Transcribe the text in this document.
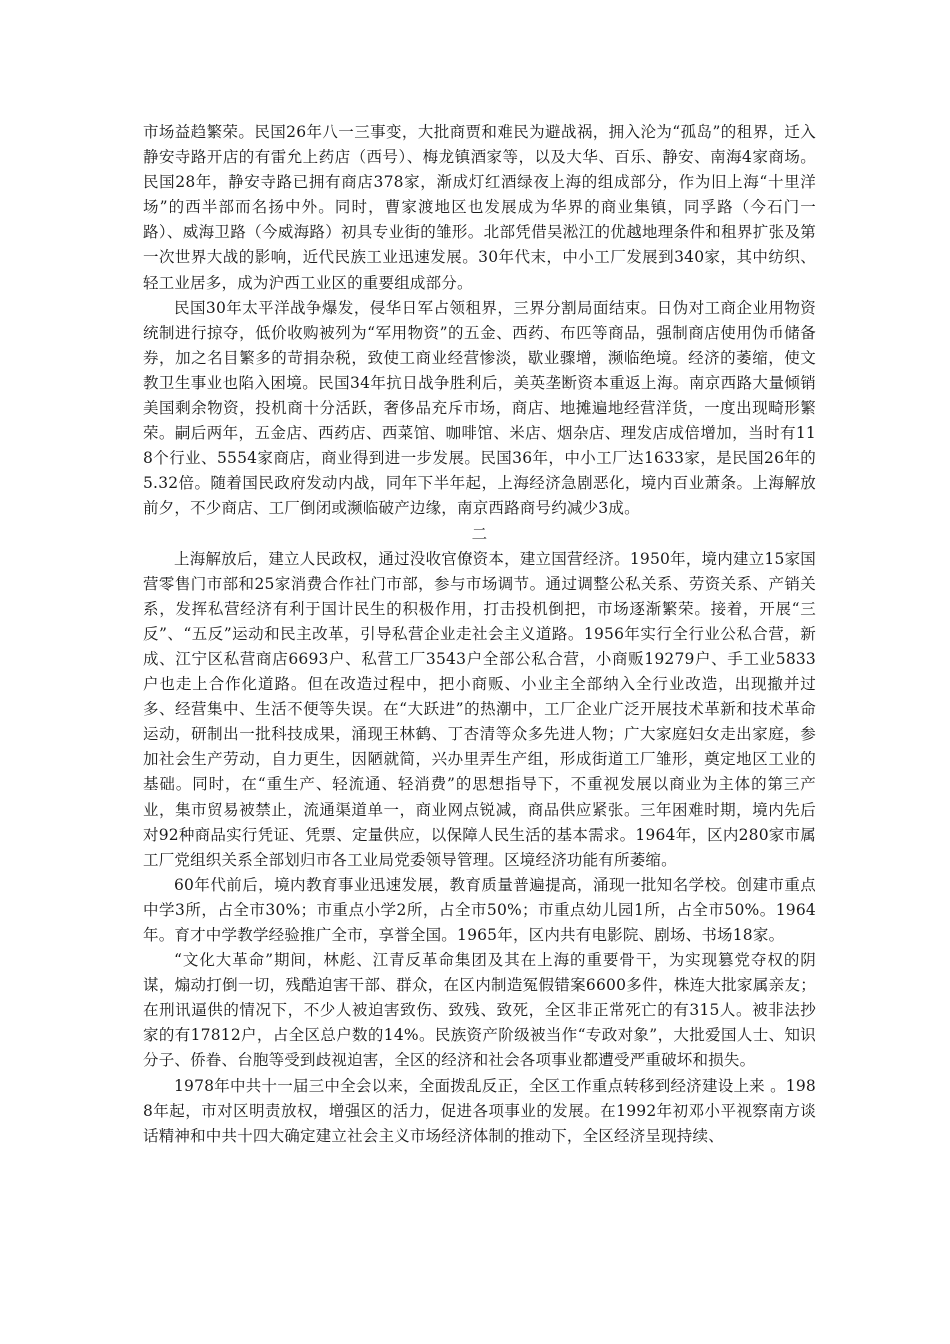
市场益趋繁荣。民国26年八一三事变，大批商贾和难民为避战祸，拥入沦为“孤岛”的租界，迁入静安寺路开店的有雷允上药店（西号）、梅龙镇酒家等，以及大华、百乐、静安、南海4家商场。民国28年，静安寺路已拥有商店378家，渐成灯红酒绿夜上海的组成部分，作为旧上海“十里洋场”的西半部而名扬中外。同时，曹家渡地区也发展成为华界的商业集镇，同孚路（今石门一路）、威海卫路（今威海路）初具专业街的雏形。北部凭借吴淞江的优越地理条件和租界扩张及第一次世界大战的影响，近代民族工业迅速发展。30年代末，中小工厂发展到340家，其中纺织、轻工业居多，成为沪西工业区的重要组成部分。

民国30年太平洋战争爆发，侵华日军占领租界，三界分割局面结束。日伪对工商企业用物资统制进行掠夺，低价收购被列为“军用物资”的五金、西药、布匹等商品，强制商店使用伪币储备券，加之名目繁多的苛捐杂税，致使工商业经营惨淡，歇业骤增，濒临绝境。经济的萎缩，使文教卫生事业也陷入困境。民国34年抗日战争胜利后，美英垄断资本重返上海。南京西路大量倾销美国剩余物资，投机商十分活跃，奢侈品充斥市场，商店、地摊遍地经营洋货，一度出现畸形繁荣。嗣后两年，五金店、西药店、西菜馆、咖啡馆、米店、烟杂店、理发店成倍增加，当时有118个行业、5554家商店，商业得到进一步发展。民国36年，中小工厂达1633家，是民国26年的5.32倍。随着国民政府发动内战，同年下半年起，上海经济急剧恶化，境内百业萧条。上海解放前夕，不少商店、工厂倒闭或濒临破产边缘，南京西路商号约减少3成。

二

上海解放后，建立人民政权，通过没收官僚资本，建立国营经济。1950年，境内建立15家国营零售门市部和25家消费合作社门市部，参与市场调节。通过调整公私关系、劳资关系、产销关系，发挥私营经济有利于国计民生的积极作用，打击投机倒把，市场逐渐繁荣。接着，开展“三反”、“五反”运动和民主改革，引导私营企业走社会主义道路。1956年实行全行业公私合营，新成、江宁区私营商店6693户、私营工厂3543户全部公私合营，小商贩19279户、手工业5833户也走上合作化道路。但在改造过程中，把小商贩、小业主全部纳入全行业改造，出现撤并过多、经营集中、生活不便等失误。在“大跃进”的热潮中，工厂企业广泛开展技术革新和技术革命运动，研制出一批科技成果，涌现王林鹤、丁杏清等众多先进人物；广大家庭妇女走出家庭，参加社会生产劳动，自力更生，因陋就简，兴办里弄生产组，形成街道工厂雏形，奠定地区工业的基础。同时，在“重生产、轻流通、轻消费”的思想指导下，不重视发展以商业为主体的第三产业，集市贸易被禁止，流通渠道单一，商业网点锐减，商品供应紧张。三年困难时期，境内先后对92种商品实行凭证、凭票、定量供应，以保障人民生活的基本需求。1964年，区内280家市属工厂党组织关系全部划归市各工业局党委领导管理。区境经济功能有所萎缩。

60年代前后，境内教育事业迅速发展，教育质量普遍提高，涌现一批知名学校。创建市重点中学3所，占全市30%；市重点小学2所，占全市50%；市重点幼儿园1所，占全市50%。1964年。育才中学教学经验推广全市，享誉全国。1965年，区内共有电影院、剧场、书场18家。

“文化大革命”期间，林彪、江青反革命集团及其在上海的重要骨干，为实现篡党夺权的阴谋，煽动打倒一切，残酷迫害干部、群众，在区内制造冤假错案6600多件，株连大批家属亲友；在刑讯逼供的情况下，不少人被迫害致伤、致残、致死，全区非正常死亡的有315人。被非法抄家的有17812户，占全区总户数的14%。民族资产阶级被当作“专政对象”，大批爱国人士、知识分子、侨眷、台胞等受到歧视迫害，全区的经济和社会各项事业都遭受严重破坏和损失。

1978年中共十一届三中全会以来，全面拨乱反正，全区工作重点转移到经济建设上来 。1988年起，市对区明责放权，增强区的活力，促进各项事业的发展。在1992年初邓小平视察南方谈话精神和中共十四大确定建立社会主义市场经济体制的推动下，全区经济呈现持续、
